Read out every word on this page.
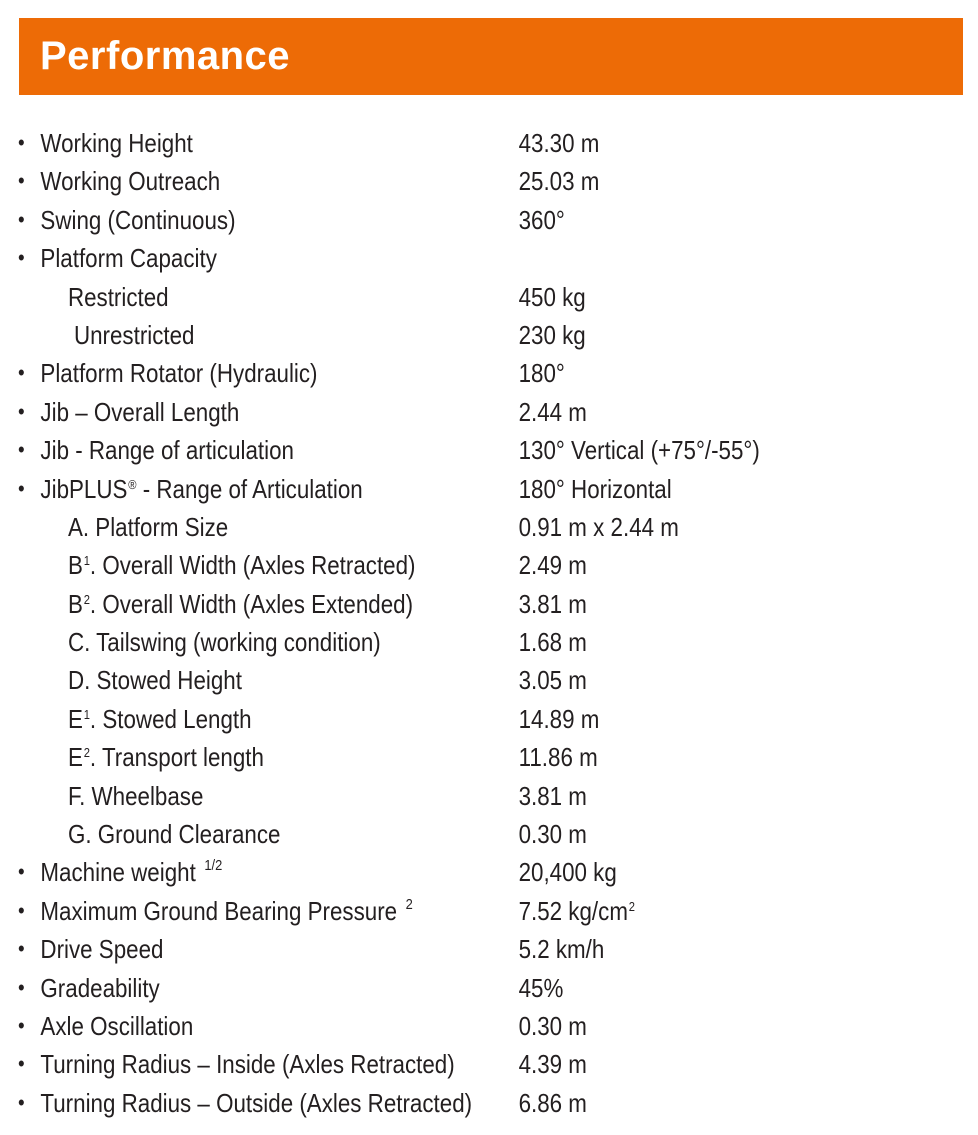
Performance
• Working Height	43.30 m
• Working Outreach	25.03 m
• Swing (Continuous)	360°
• Platform Capacity
Restricted	450 kg
Unrestricted	230 kg
• Platform Rotator (Hydraulic)	180°
• Jib – Overall Length	2.44 m
• Jib - Range of articulation	130° Vertical (+75°/-55°)
• JibPLUS® - Range of Articulation	180° Horizontal
A. Platform Size	0.91 m x 2.44 m
$B^1$. Overall Width (Axles Retracted)	2.49 m
$B^2$. Overall Width (Axles Extended)	3.81 m
C. Tailswing (working condition)	1.68 m
D. Stowed Height	3.05 m
$E^1$. Stowed Length	14.89 m
$E^2$. Transport length	11.86 m
F. Wheelbase	3.81 m
G. Ground Clearance	0.30 m
• Machine weight $^{1/2}$	20,400 kg
• Maximum Ground Bearing Pressure $^2$	7.52 $kg/cm^2$
• Drive Speed	5.2 km/h
• Gradeability	45%
• Axle Oscillation	0.30 m
• Turning Radius – Inside (Axles Retracted) 4.39 m
• Turning Radius – Outside (Axles Retracted) 6.86 m
